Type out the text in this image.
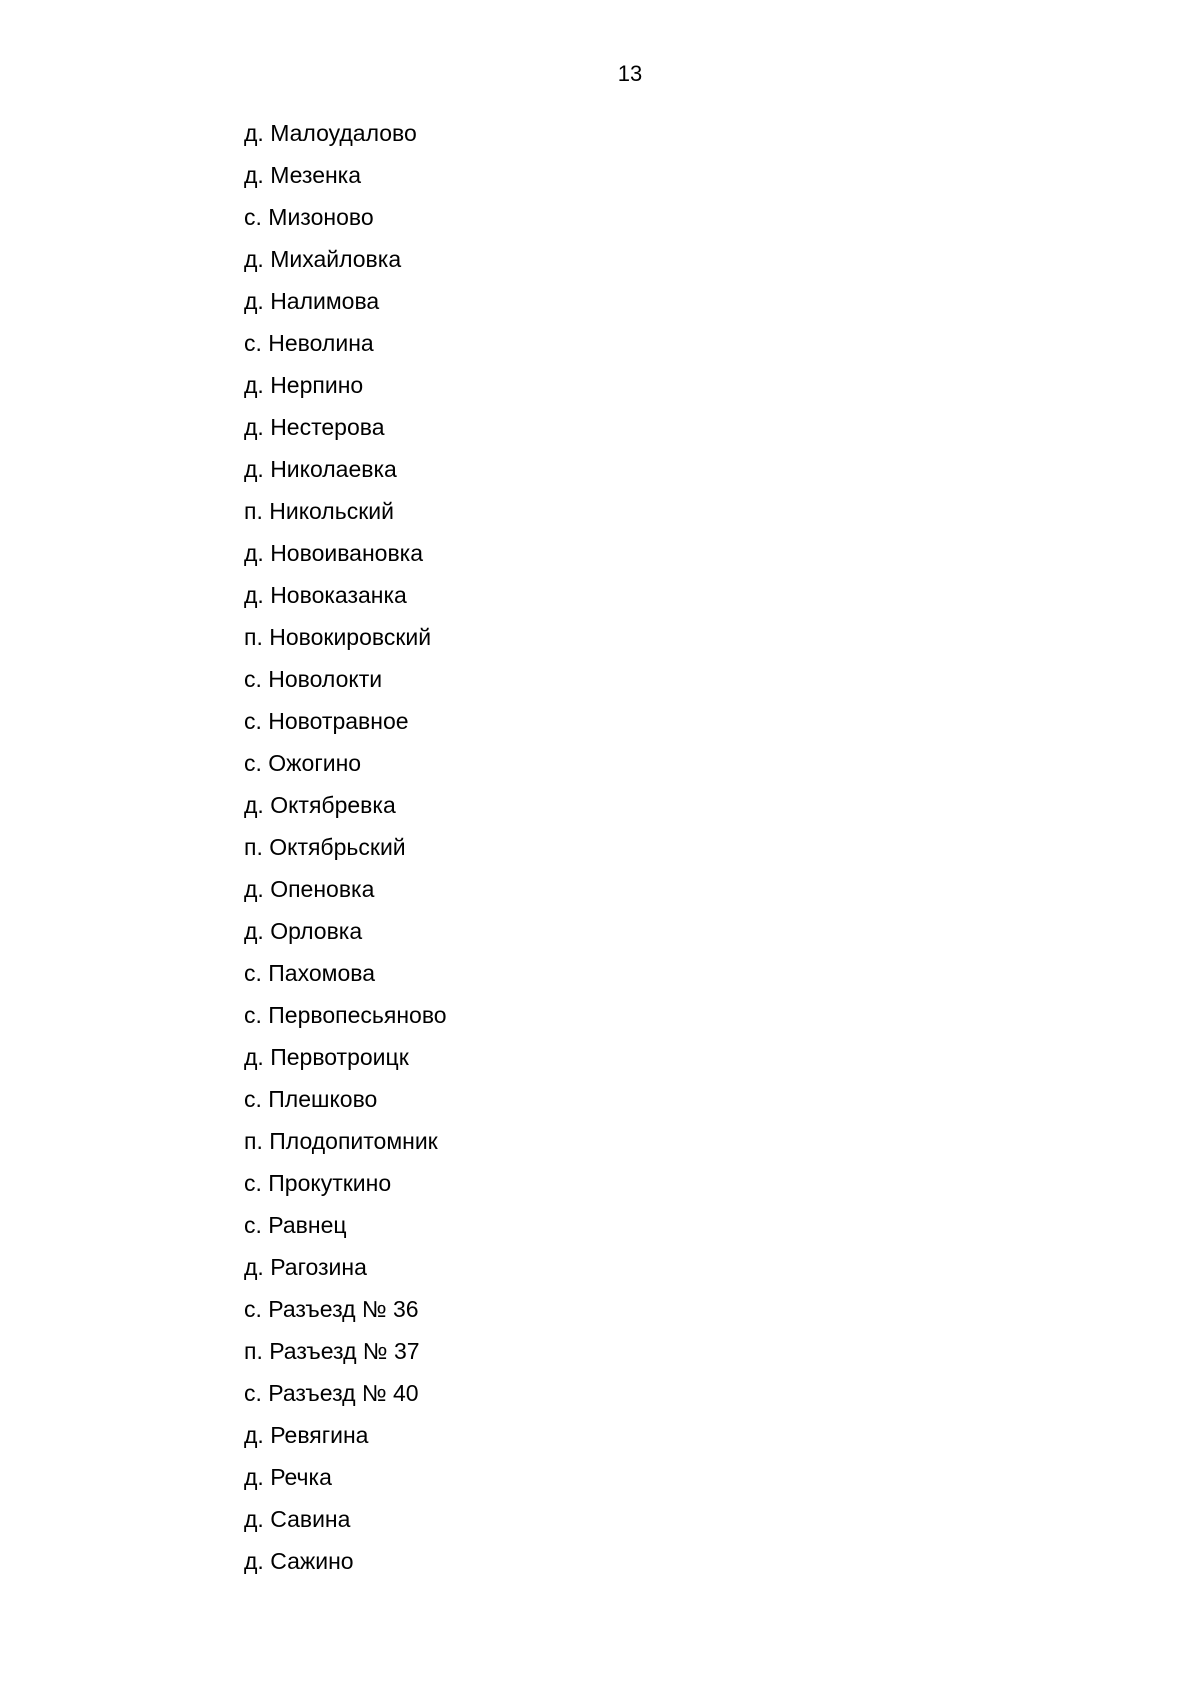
13
д. Малоудалово
д. Мезенка
с. Мизоново
д. Михайловка
д. Налимова
с. Неволина
д. Нерпино
д. Нестерова
д. Николаевка
п. Никольский
д. Новоивановка
д. Новоказанка
п. Новокировский
с. Новолокти
с. Новотравное
с. Ожогино
д. Октябревка
п. Октябрьский
д. Опеновка
д. Орловка
с. Пахомова
с. Первопесьяново
д. Первотроицк
с. Плешково
п. Плодопитомник
с. Прокуткино
с. Равнец
д. Рагозина
с. Разъезд № 36
п. Разъезд № 37
с. Разъезд № 40
д. Ревягина
д. Речка
д. Савина
д. Сажино
